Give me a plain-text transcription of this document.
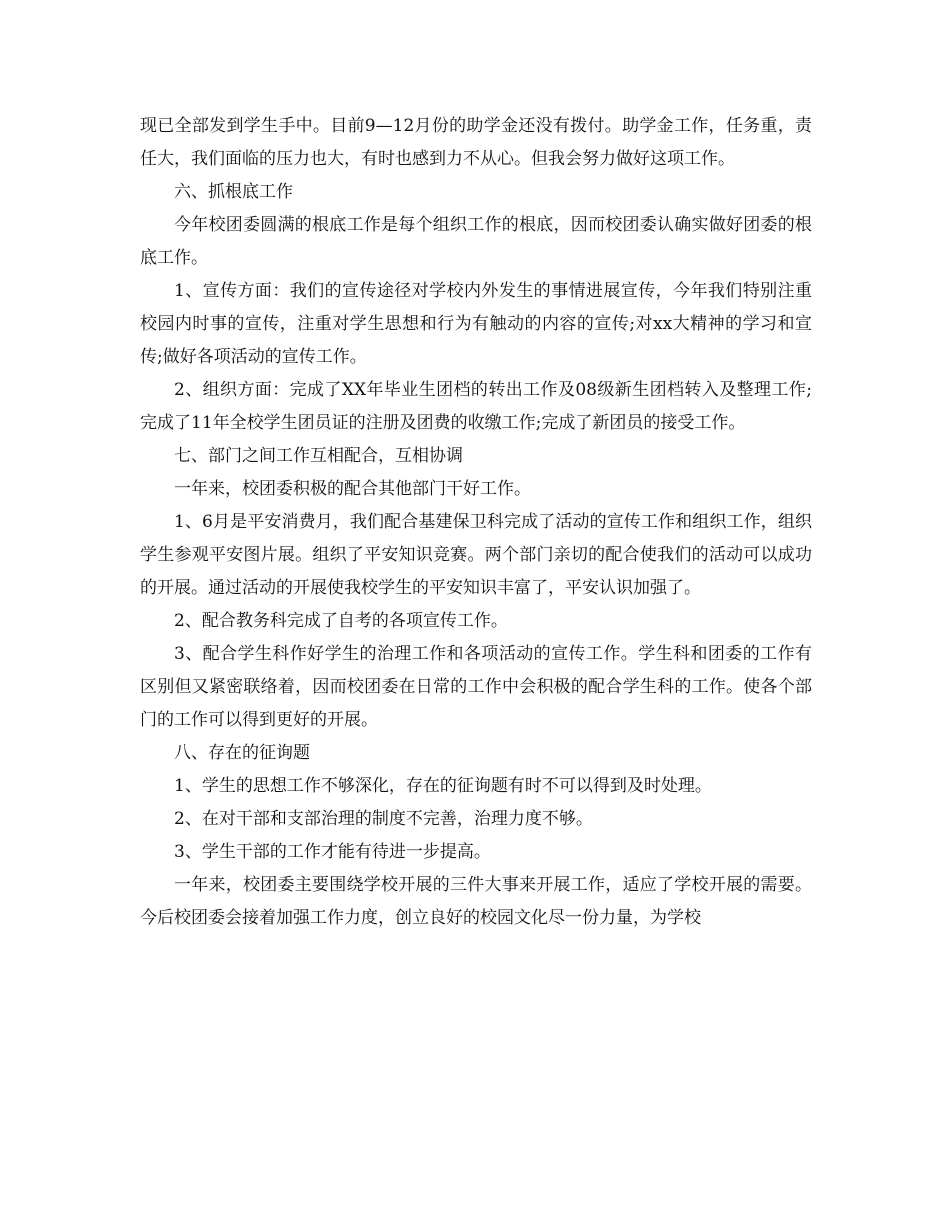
现已全部发到学生手中。目前9—12月份的助学金还没有拨付。助学金工作，任务重，责任大，我们面临的压力也大，有时也感到力不从心。但我会努力做好这项工作。

六、抓根底工作

今年校团委圆满的根底工作是每个组织工作的根底，因而校团委认确实做好团委的根底工作。

1、宣传方面：我们的宣传途径对学校内外发生的事情进展宣传，今年我们特别注重校园内时事的宣传，注重对学生思想和行为有触动的内容的宣传;对xx大精神的学习和宣传;做好各项活动的宣传工作。

2、组织方面：完成了XX年毕业生团档的转出工作及08级新生团档转入及整理工作;完成了11年全校学生团员证的注册及团费的收缴工作;完成了新团员的接受工作。

七、部门之间工作互相配合，互相协调

一年来，校团委积极的配合其他部门干好工作。

1、6月是平安消费月，我们配合基建保卫科完成了活动的宣传工作和组织工作，组织学生参观平安图片展。组织了平安知识竞赛。两个部门亲切的配合使我们的活动可以成功的开展。通过活动的开展使我校学生的平安知识丰富了，平安认识加强了。

2、配合教务科完成了自考的各项宣传工作。

3、配合学生科作好学生的治理工作和各项活动的宣传工作。学生科和团委的工作有区别但又紧密联络着，因而校团委在日常的工作中会积极的配合学生科的工作。使各个部门的工作可以得到更好的开展。

八、存在的征询题

1、学生的思想工作不够深化，存在的征询题有时不可以得到及时处理。

2、在对干部和支部治理的制度不完善，治理力度不够。

3、学生干部的工作才能有待进一步提高。

一年来，校团委主要围绕学校开展的三件大事来开展工作，适应了学校开展的需要。今后校团委会接着加强工作力度，创立良好的校园文化尽一份力量，为学校
